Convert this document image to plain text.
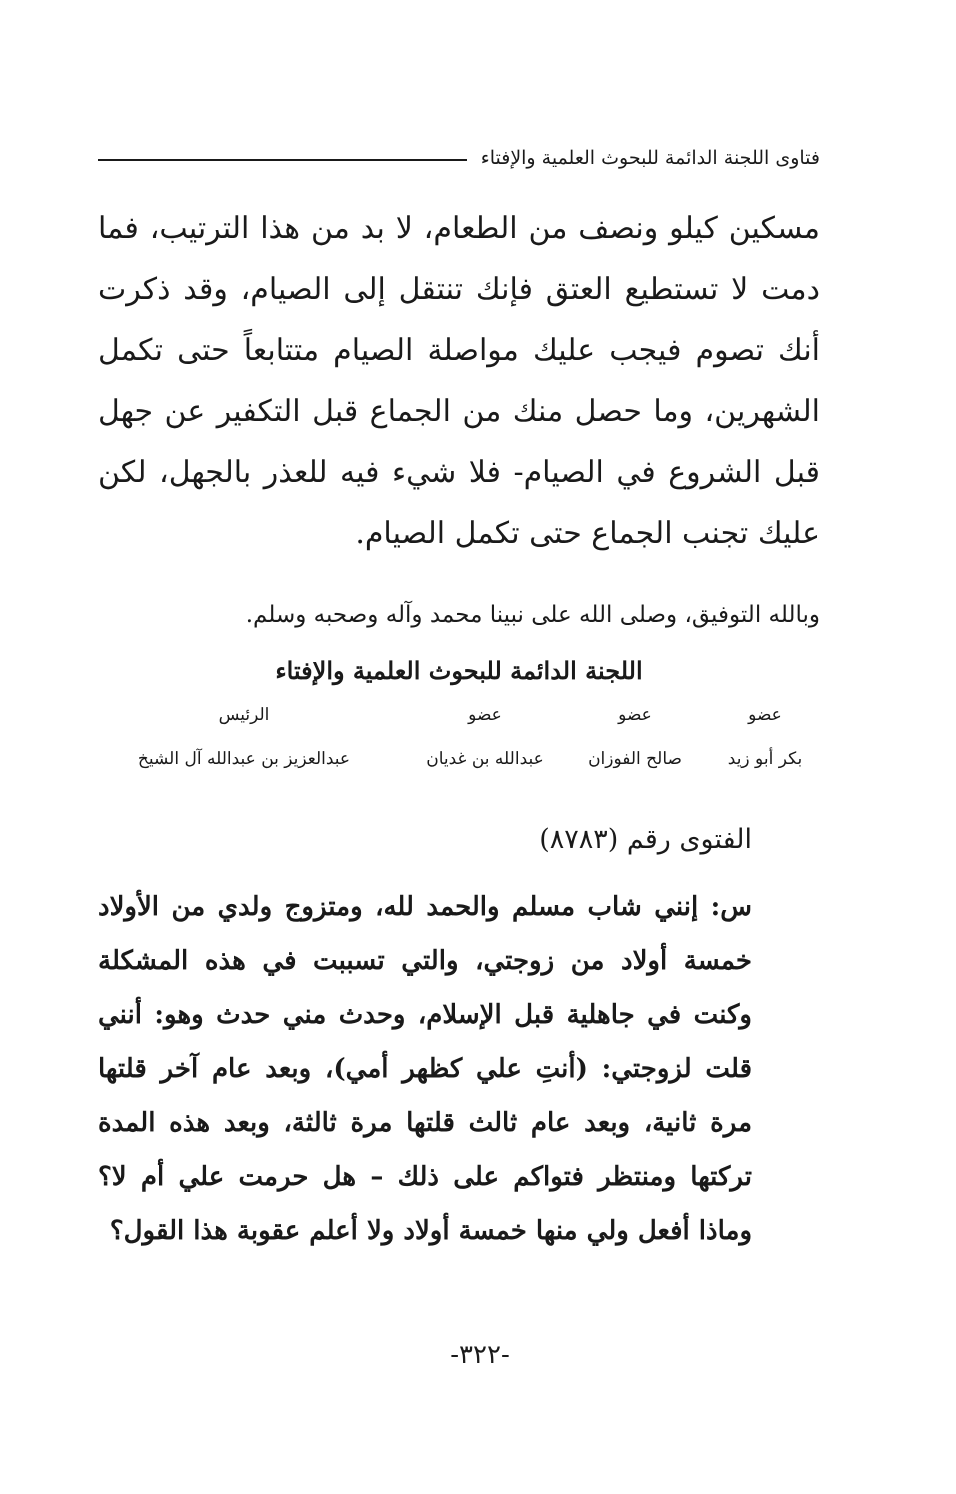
فتاوى اللجنة الدائمة للبحوث العلمية والإفتاء

مسكين كيلو ونصف من الطعام، لا بد من هذا الترتيب، فما دمت لا تستطيع العتق فإنك تنتقل إلى الصيام، وقد ذكرت أنك تصوم فيجب عليك مواصلة الصيام متتابعاً حتى تكمل الشهرين، وما حصل منك من الجماع قبل التكفير عن جهل قبل الشروع في الصيام- فلا شيء فيه للعذر بالجهل، لكن عليك تجنب الجماع حتى تكمل الصيام.

وبالله التوفيق، وصلى الله على نبينا محمد وآله وصحبه وسلم.

اللجنة الدائمة للبحوث العلمية والإفتاء
عضو
بكر أبو زيد
عضو
صالح الفوزان
عضو
عبدالله بن غديان
الرئيس
عبدالعزيز بن عبدالله آل الشيخ
الفتوى رقم (٨٧٨٣)

س: إنني شاب مسلم والحمد لله، ومتزوج ولدي من الأولاد خمسة أولاد من زوجتي، والتي تسببت في هذه المشكلة وكنت في جاهلية قبل الإسلام، وحدث مني حدث وهو: أنني قلت لزوجتي: (أنتِ علي كظهر أمي)، وبعد عام آخر قلتها مرة ثانية، وبعد عام ثالث قلتها مرة ثالثة، وبعد هذه المدة تركتها ومنتظر فتواكم على ذلك – هل حرمت علي أم لا؟ وماذا أفعل ولي منها خمسة أولاد ولا أعلم عقوبة هذا القول؟

-٣٢٢-
